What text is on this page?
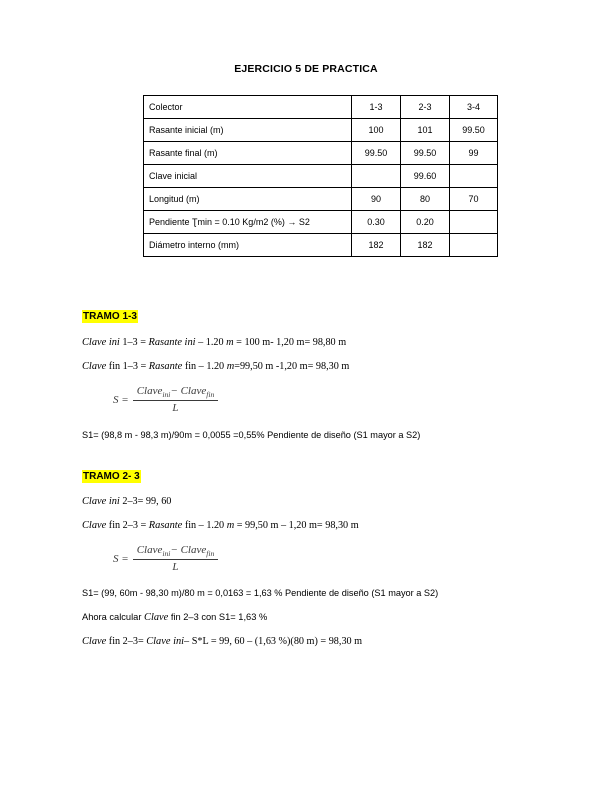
EJERCICIO 5 DE PRACTICA
Colector	1-3	2-3	3-4
Rasante inicial (m)	100	101	99.50
Rasante final (m)	99.50	99.50	99
Clave inicial		99.60	
Longitud (m)	90	80	70
Pendiente Ʈmin = 0.10 Kg/m2 (%) → S2	0.30	0.20	
Diámetro interno (mm)	182	182	
TRAMO 1-3
Clave ini 1–3 = Rasante ini – 1.20 m = 100 m- 1,20 m= 98,80 m
Clave fin 1–3 = Rasante fin – 1.20 m=99,50 m -1,20 m= 98,30 m
$S = \frac{Clave_{ini}- Clave_{fin}}{L}$
S1= (98,8 m - 98,3 m)/90m = 0,0055 =0,55% Pendiente de diseño (S1 mayor a S2)
TRAMO 2- 3
Clave ini 2–3= 99, 60
Clave fin 2–3 = Rasante fin – 1.20 m = 99,50 m – 1,20 m= 98,30 m
$S = \frac{Clave_{ini}- Clave_{fin}}{L}$
S1= (99, 60m - 98,30 m)/80 m = 0,0163 = 1,63 % Pendiente de diseño (S1 mayor a S2)
Ahora calcular Clave fin 2–3 con S1= 1,63 %
Clave fin 2–3= Clave ini– S*L = 99, 60 – (1,63 %)(80 m) = 98,30 m
